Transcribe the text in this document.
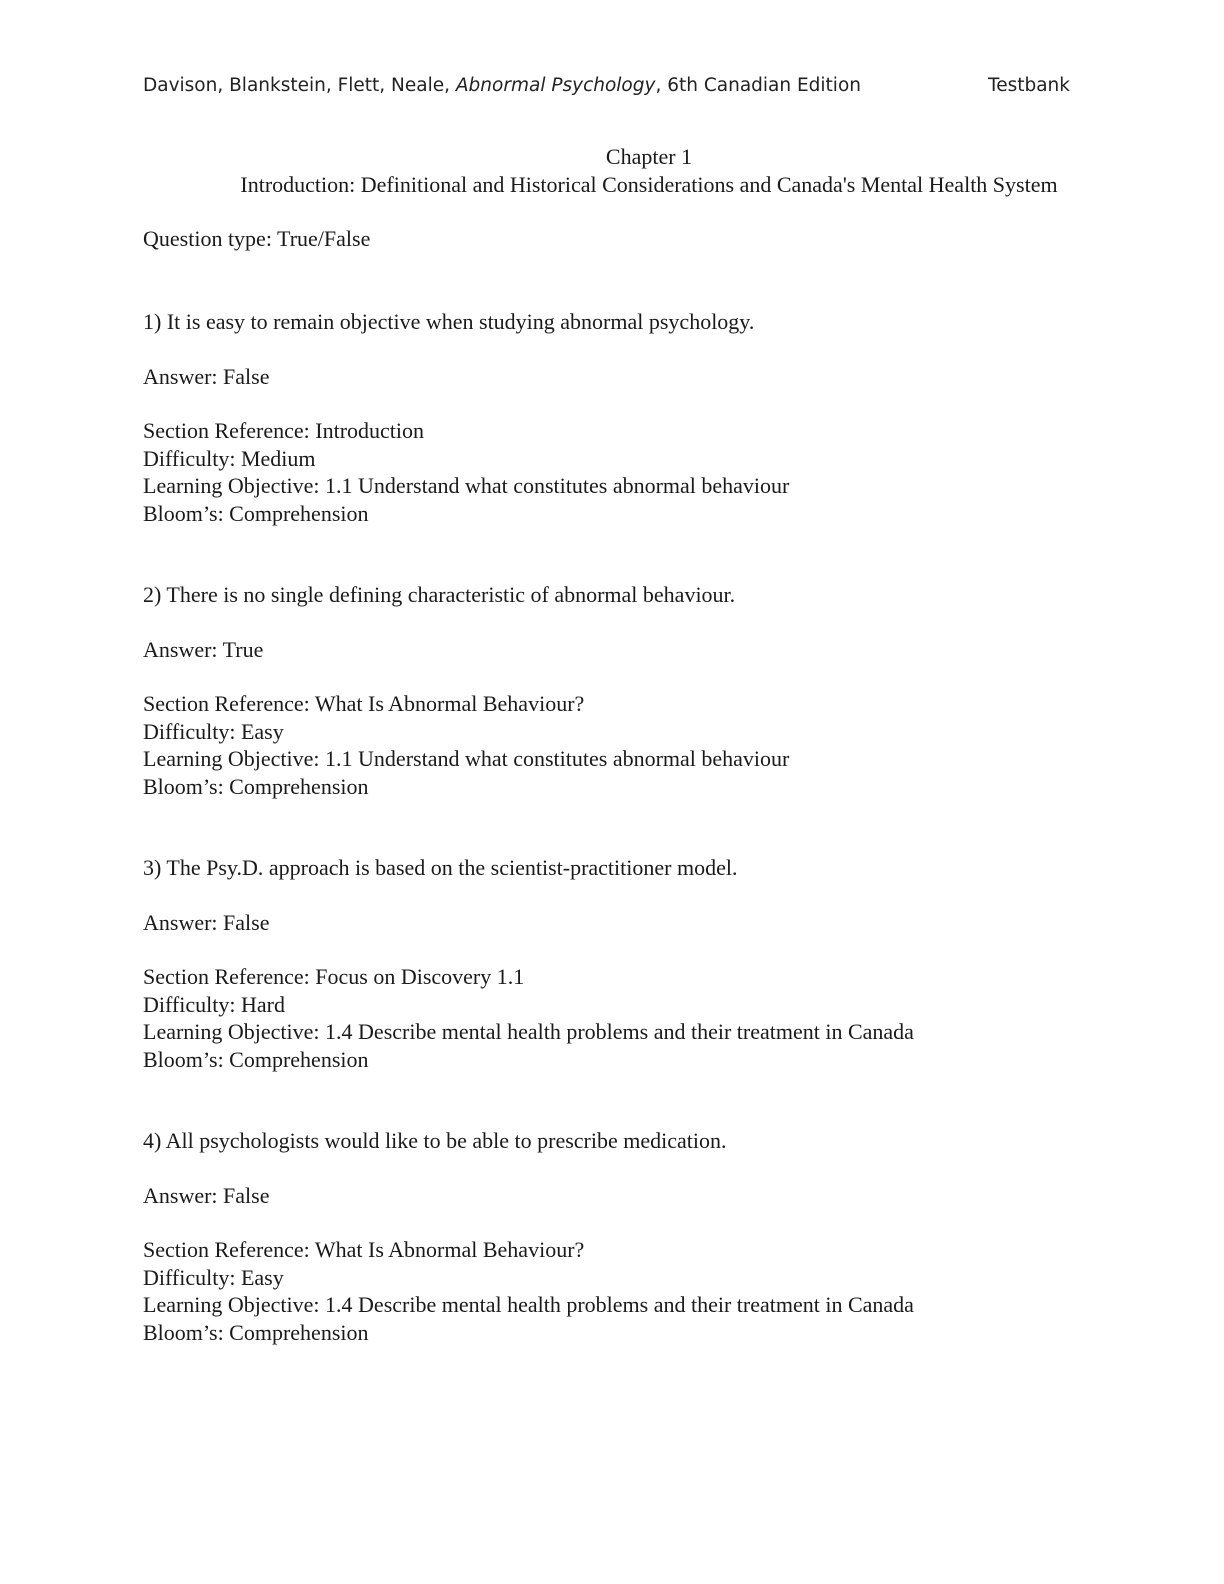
Davison, Blankstein, Flett, Neale, Abnormal Psychology, 6th Canadian Edition	Testbank
Chapter 1
Introduction: Definitional and Historical Considerations and Canada's Mental Health System
Question type: True/False
1) It is easy to remain objective when studying abnormal psychology.
Answer: False
Section Reference: Introduction
Difficulty: Medium
Learning Objective: 1.1 Understand what constitutes abnormal behaviour
Bloom’s: Comprehension
2) There is no single defining characteristic of abnormal behaviour.
Answer: True
Section Reference: What Is Abnormal Behaviour?
Difficulty: Easy
Learning Objective: 1.1 Understand what constitutes abnormal behaviour
Bloom’s: Comprehension
3) The Psy.D. approach is based on the scientist-practitioner model.
Answer: False
Section Reference: Focus on Discovery 1.1
Difficulty: Hard
Learning Objective: 1.4 Describe mental health problems and their treatment in Canada
Bloom’s: Comprehension
4) All psychologists would like to be able to prescribe medication.
Answer: False
Section Reference: What Is Abnormal Behaviour?
Difficulty: Easy
Learning Objective: 1.4 Describe mental health problems and their treatment in Canada
Bloom’s: Comprehension
